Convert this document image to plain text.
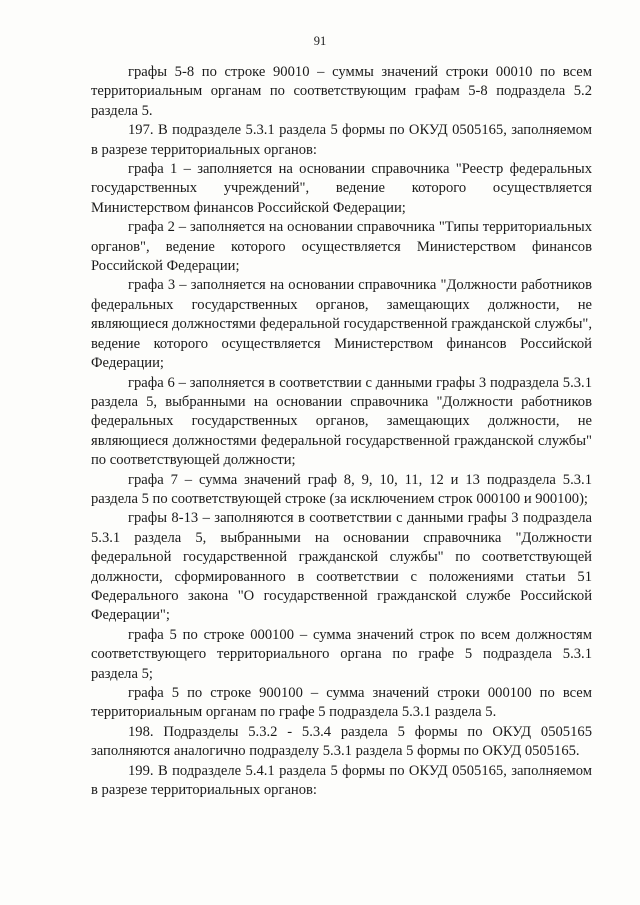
91

графы 5-8 по строке 90010 – суммы значений строки 00010 по всем территориальным органам по соответствующим графам 5-8 подраздела 5.2 раздела 5.

197. В подразделе 5.3.1 раздела 5 формы по ОКУД 0505165, заполняемом в разрезе территориальных органов:

графа 1 – заполняется на основании справочника "Реестр федеральных государственных учреждений", ведение которого осуществляется Министерством финансов Российской Федерации;

графа 2 – заполняется на основании справочника "Типы территориальных органов", ведение которого осуществляется Министерством финансов Российской Федерации;

графа 3 – заполняется на основании справочника "Должности работников федеральных государственных органов, замещающих должности, не являющиеся должностями федеральной государственной гражданской службы", ведение которого осуществляется Министерством финансов Российской Федерации;

графа 6 – заполняется в соответствии с данными графы 3 подраздела 5.3.1 раздела 5, выбранными на основании справочника "Должности работников федеральных государственных органов, замещающих должности, не являющиеся должностями федеральной государственной гражданской службы" по соответствующей должности;

графа 7 – сумма значений граф 8, 9, 10, 11, 12 и 13 подраздела 5.3.1 раздела 5 по соответствующей строке (за исключением строк 000100 и 900100);

графы 8-13 – заполняются в соответствии с данными графы 3 подраздела 5.3.1 раздела 5, выбранными на основании справочника "Должности федеральной государственной гражданской службы" по соответствующей должности, сформированного в соответствии с положениями статьи 51 Федерального закона "О государственной гражданской службе Российской Федерации";

графа 5 по строке 000100 – сумма значений строк по всем должностям соответствующего территориального органа по графе 5 подраздела 5.3.1 раздела 5;

графа 5 по строке 900100 – сумма значений строки 000100 по всем территориальным органам по графе 5 подраздела 5.3.1 раздела 5.

198. Подразделы 5.3.2 - 5.3.4 раздела 5 формы по ОКУД 0505165 заполняются аналогично подразделу 5.3.1 раздела 5 формы по ОКУД 0505165.

199. В подразделе 5.4.1 раздела 5 формы по ОКУД 0505165, заполняемом в разрезе территориальных органов:
